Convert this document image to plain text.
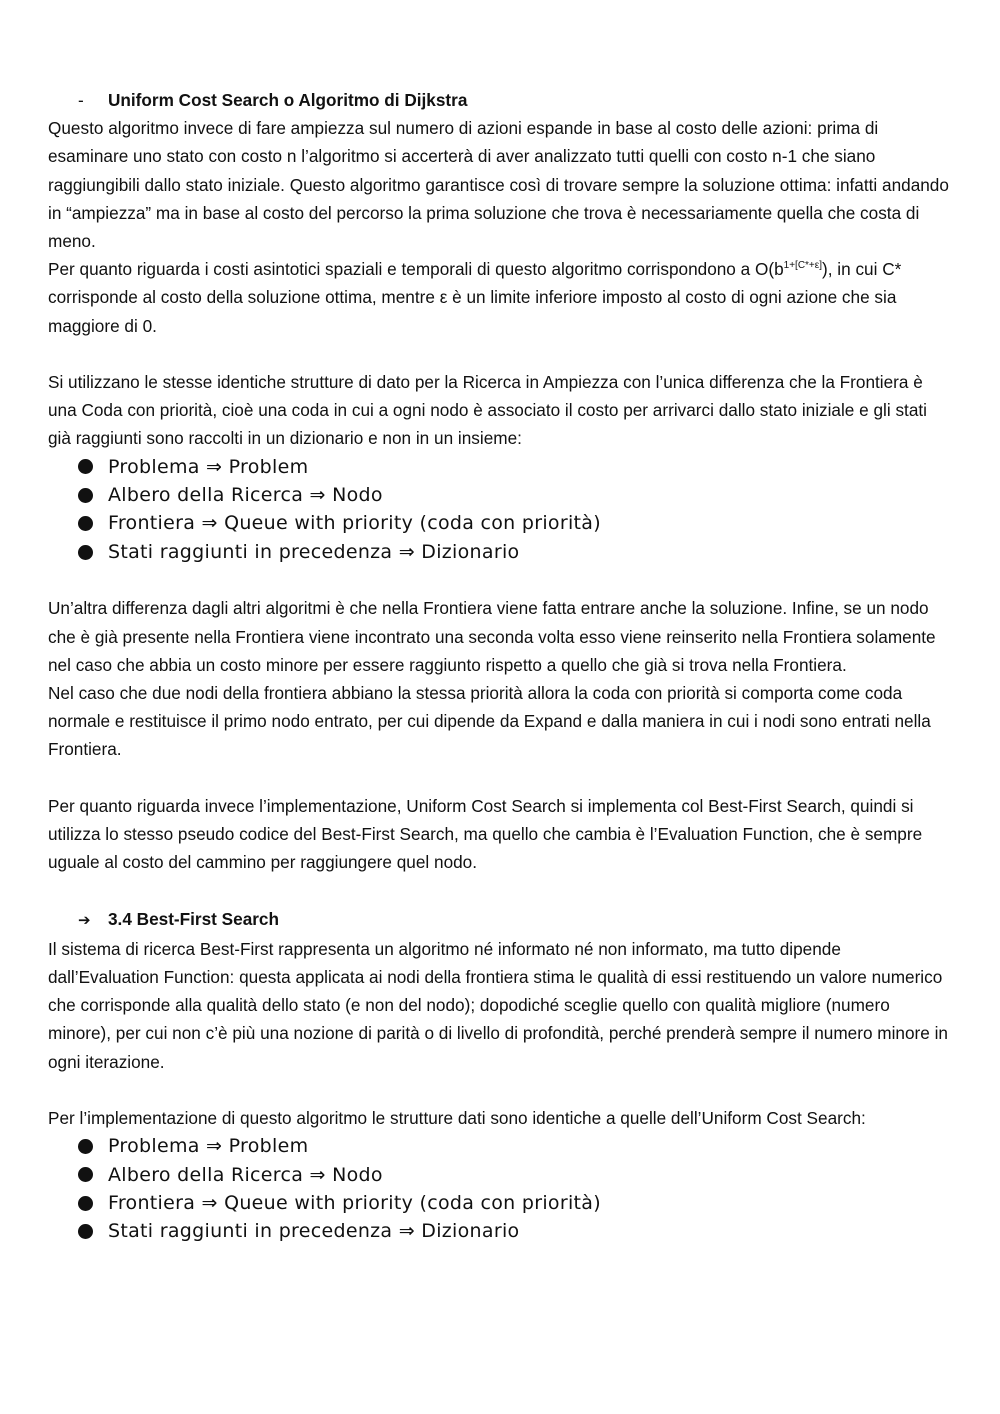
-	Uniform Cost Search o Algoritmo di Dijkstra

Questo algoritmo invece di fare ampiezza sul numero di azioni espande in base al costo delle azioni: prima di esaminare uno stato con costo n l’algoritmo si accerterà di aver analizzato tutti quelli con costo n-1 che siano raggiungibili dallo stato iniziale. Questo algoritmo garantisce così di trovare sempre la soluzione ottima: infatti andando in “ampiezza” ma in base al costo del percorso la prima soluzione che trova è necessariamente quella che costa di meno.

Per quanto riguarda i costi asintotici spaziali e temporali di questo algoritmo corrispondono a $O(b^{1+[C*+\varepsilon]})$, in cui C* corrisponde al costo della soluzione ottima, mentre ε è un limite inferiore imposto al costo di ogni azione che sia maggiore di 0.

Si utilizzano le stesse identiche strutture di dato per la Ricerca in Ampiezza con l’unica differenza che la Frontiera è una Coda con priorità, cioè una coda in cui a ogni nodo è associato il costo per arrivarci dallo stato iniziale e gli stati già raggiunti sono raccolti in un dizionario e non in un insieme:

Problema ⇒ Problem
Albero della Ricerca ⇒ Nodo
Frontiera ⇒ Queue with priority (coda con priorità)
Stati raggiunti in precedenza ⇒ Dizionario

Un’altra differenza dagli altri algoritmi è che nella Frontiera viene fatta entrare anche la soluzione. Infine, se un nodo che è già presente nella Frontiera viene incontrato una seconda volta esso viene reinserito nella Frontiera solamente nel caso che abbia un costo minore per essere raggiunto rispetto a quello che già si trova nella Frontiera.

Nel caso che due nodi della frontiera abbiano la stessa priorità allora la coda con priorità si comporta come coda normale e restituisce il primo nodo entrato, per cui dipende da Expand e dalla maniera in cui i nodi sono entrati nella Frontiera.

Per quanto riguarda invece l’implementazione, Uniform Cost Search si implementa col Best-First Search, quindi si utilizza lo stesso pseudo codice del Best-First Search, ma quello che cambia è l’Evaluation Function, che è sempre uguale al costo del cammino per raggiungere quel nodo.

➔	3.4 Best-First Search

Il sistema di ricerca Best-First rappresenta un algoritmo né informato né non informato, ma tutto dipende dall’Evaluation Function: questa applicata ai nodi della frontiera stima le qualità di essi restituendo un valore numerico che corrisponde alla qualità dello stato (e non del nodo); dopodiché sceglie quello con qualità migliore (numero minore), per cui non c’è più una nozione di parità o di livello di profondità, perché prenderà sempre il numero minore in ogni iterazione.

Per l’implementazione di questo algoritmo le strutture dati sono identiche a quelle dell’Uniform Cost Search:

Problema ⇒ Problem
Albero della Ricerca ⇒ Nodo
Frontiera ⇒ Queue with priority (coda con priorità)
Stati raggiunti in precedenza ⇒ Dizionario
